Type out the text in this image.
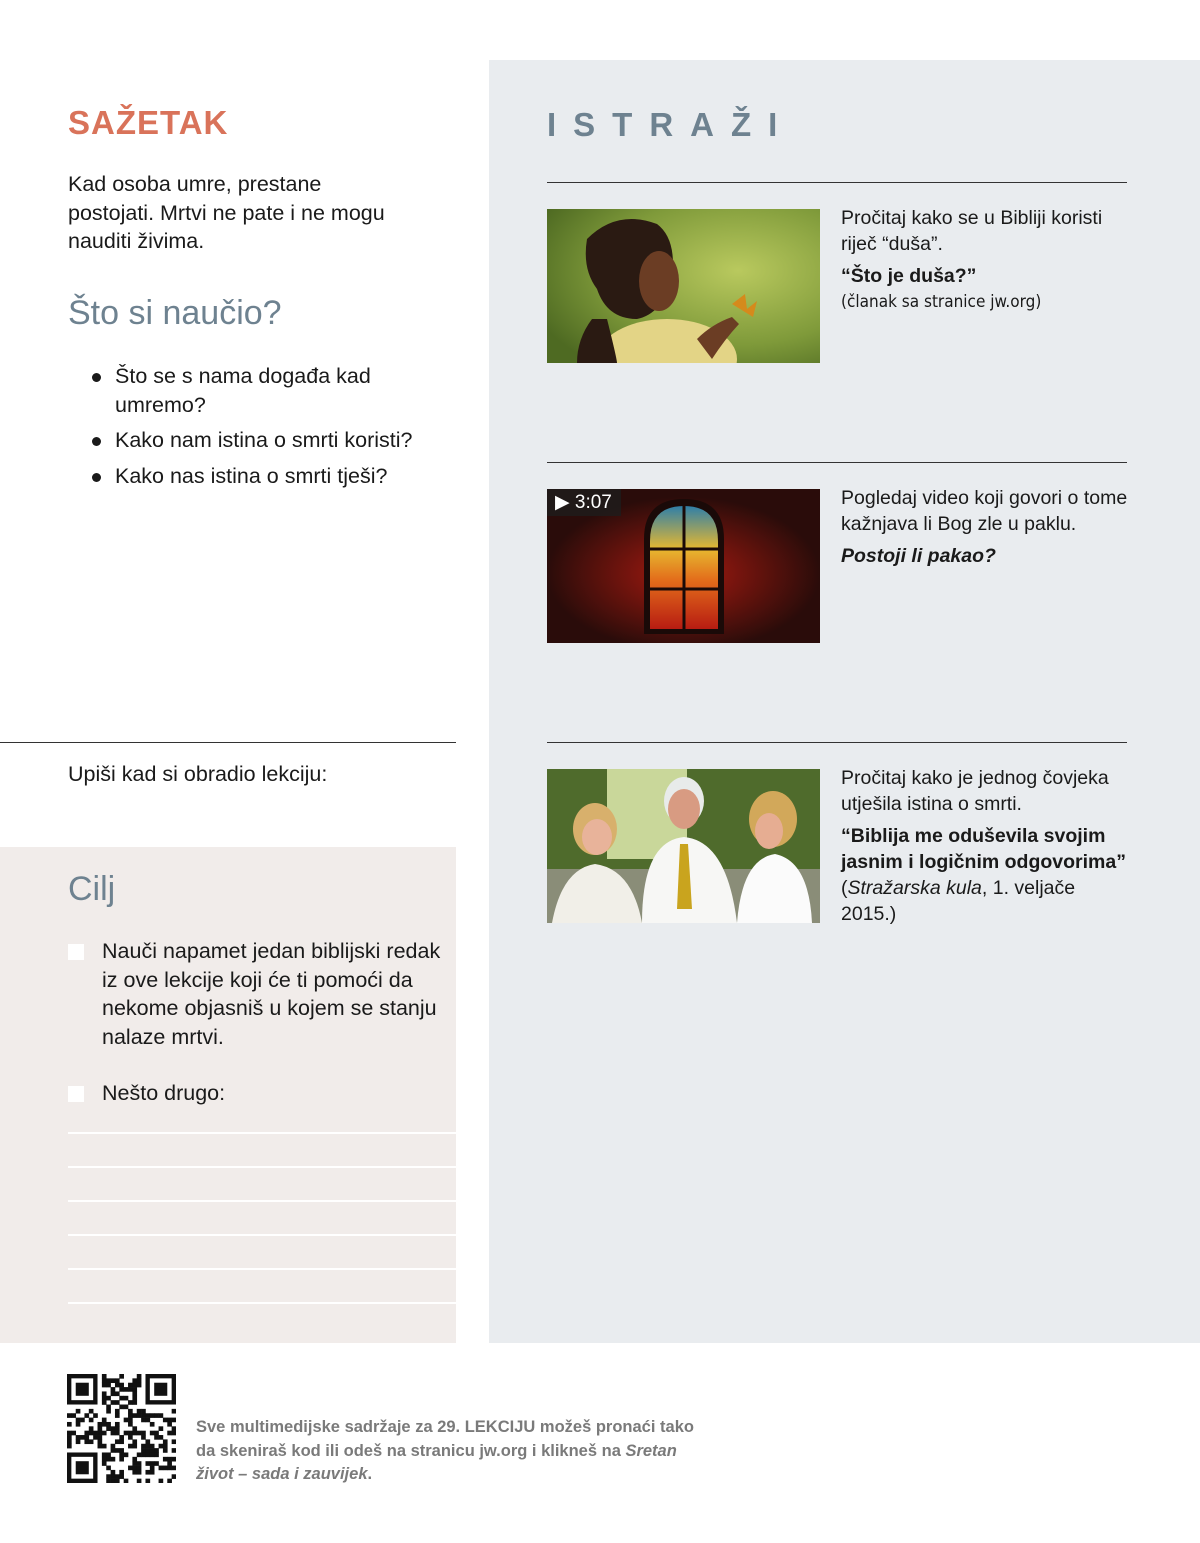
SAŽETAK
Kad osoba umre, prestane postojati. Mrtvi ne pate i ne mogu nauditi živima.
Što si naučio?
Što se s nama događa kad umremo?
Kako nam istina o smrti koristi?
Kako nas istina o smrti tješi?
Upiši kad si obradio lekciju:
Cilj
Nauči napamet jedan biblijski redak iz ove lekcije koji će ti pomoći da nekome objasniš u kojem se stanju nalaze mrtvi.
Nešto drugo:
ISTRAŽI

Pročitaj kako se u Bibliji koristi riječ “duša”.

“Što je duša?”

(članak sa stranice jw.org)

▶ 3:07	Pogledaj video koji govori o tome kažnjava li Bog zle u paklu.

Postoji li pakao?

Pročitaj kako je jednog čovjeka utješila istina o smrti.

“Biblija me oduševila svojim jasnim i logičnim odgovorima” (Stražarska kula, 1. veljače 2015.)

Sve multimedijske sadržaje za 29. LEKCIJU možeš pronaći tako da skeniraš kod ili odeš na stranicu jw.org i klikneš na Sretan život – sada i zauvijek.
